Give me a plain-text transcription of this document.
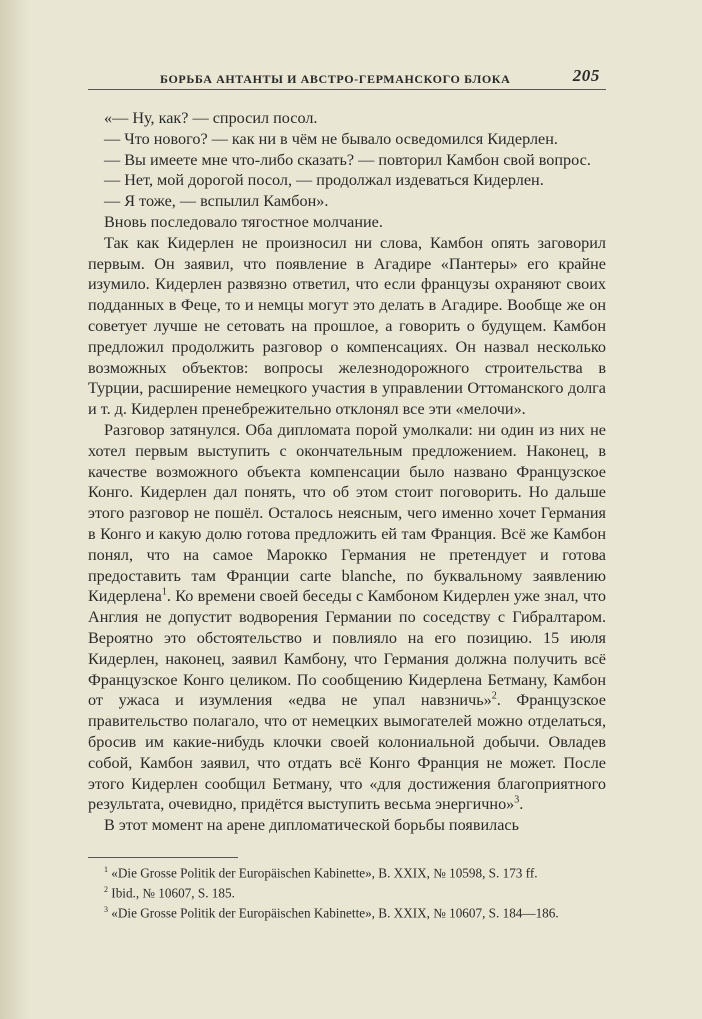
БОРЬБА АНТАНТЫ И АВСТРО-ГЕРМАНСКОГО БЛОКА	205

«— Ну, как? — спросил посол.

— Что нового? — как ни в чём не бывало осведомился Кидерлен.

— Вы имеете мне что-либо сказать? — повторил Камбон свой вопрос.

— Нет, мой дорогой посол, — продолжал издеваться Кидерлен.

— Я тоже, — вспылил Камбон».

Вновь последовало тягостное молчание.

Так как Кидерлен не произносил ни слова, Камбон опять заговорил первым. Он заявил, что появление в Агадире «Пантеры» его крайне изумило. Кидерлен развязно ответил, что если французы охраняют своих подданных в Феце, то и немцы могут это делать в Агадире. Вообще же он советует лучше не сетовать на прошлое, а говорить о будущем. Камбон предложил продолжить разговор о компенсациях. Он назвал несколько возможных объектов: вопросы железнодорожного строительства в Турции, расширение немецкого участия в управлении Оттоманского долга и т. д. Кидерлен пренебрежительно отклонял все эти «мелочи».

Разговор затянулся. Оба дипломата порой умолкали: ни один из них не хотел первым выступить с окончательным предложением. Наконец, в качестве возможного объекта компенсации было названо Французское Конго. Кидерлен дал понять, что об этом стоит поговорить. Но дальше этого разговор не пошёл. Осталось неясным, чего именно хочет Германия в Конго и какую долю готова предложить ей там Франция. Всё же Камбон понял, что на самое Марокко Германия не претендует и готова предоставить там Франции carte blanche, по буквальному заявлению Кидерлена$^1$. Ко времени своей беседы с Камбоном Кидерлен уже знал, что Англия не допустит водворения Германии по соседству с Гибралтаром. Вероятно это обстоятельство и повлияло на его позицию. 15 июля Кидерлен, наконец, заявил Камбону, что Германия должна получить всё Французское Конго целиком. По сообщению Кидерлена Бетману, Камбон от ужаса и изумления «едва не упал навзничь»$^2$. Французское правительство полагало, что от немецких вымогателей можно отделаться, бросив им какие-нибудь клочки своей колониальной добычи. Овладев собой, Камбон заявил, что отдать всё Конго Франция не может. После этого Кидерлен сообщил Бетману, что «для достижения благоприятного результата, очевидно, придётся выступить весьма энергично»$^3$.

В этот момент на арене дипломатической борьбы появилась

$^1$ «Die Grosse Politik der Europäischen Kabinette», B. XXIX, № 10598, S. 173 ff.

$^2$ Ibid., № 10607, S. 185.

$^3$ «Die Grosse Politik der Europäischen Kabinette», B. XXIX, № 10607, S. 184—186.
